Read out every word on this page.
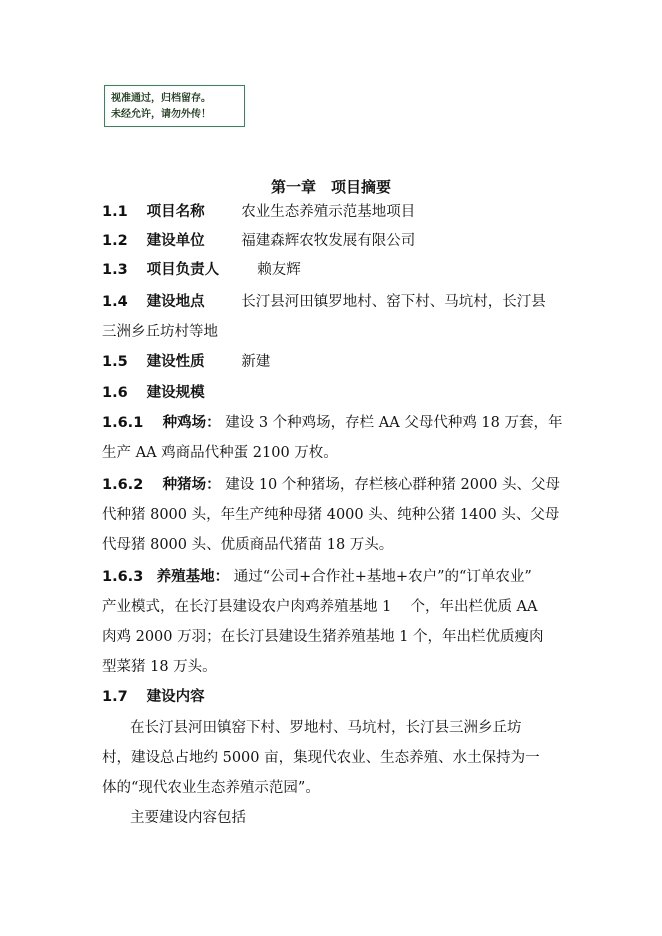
视准通过，归档留存。
未经允许，请勿外传！
第一章　项目摘要
1.1 项目名称	农业生态养殖示范基地项目
1.2 建设单位	福建森辉农牧发展有限公司
1.3 项目负责人	赖友辉
1.4 建设地点	长汀县河田镇罗地村、窑下村、马坑村，长汀县
三洲乡丘坊村等地
1.5 建设性质	新建
1.6 建设规模
1.6.1 种鸡场： 建设 3 个种鸡场，存栏 AA 父母代种鸡 18 万套，年
生产 AA 鸡商品代种蛋 2100 万枚。
1.6.2 种猪场： 建设 10 个种猪场，存栏核心群种猪 2000 头、父母
代种猪 8000 头，年生产纯种母猪 4000 头、纯种公猪 1400 头、父母
代母猪 8000 头、优质商品代猪苗 18 万头。
1.6.3 养殖基地： 通过“公司+合作社+基地+农户”的“订单农业”
产业模式，在长汀县建设农户肉鸡养殖基地 1　 个，年出栏优质 AA
肉鸡 2000 万羽；在长汀县建设生猪养殖基地 1 个，年出栏优质瘦肉
型菜猪 18 万头。
1.7 建设内容
在长汀县河田镇窑下村、罗地村、马坑村，长汀县三洲乡丘坊
村，建设总占地约 5000 亩，集现代农业、生态养殖、水土保持为一
体的“现代农业生态养殖示范园”。
主要建设内容包括
